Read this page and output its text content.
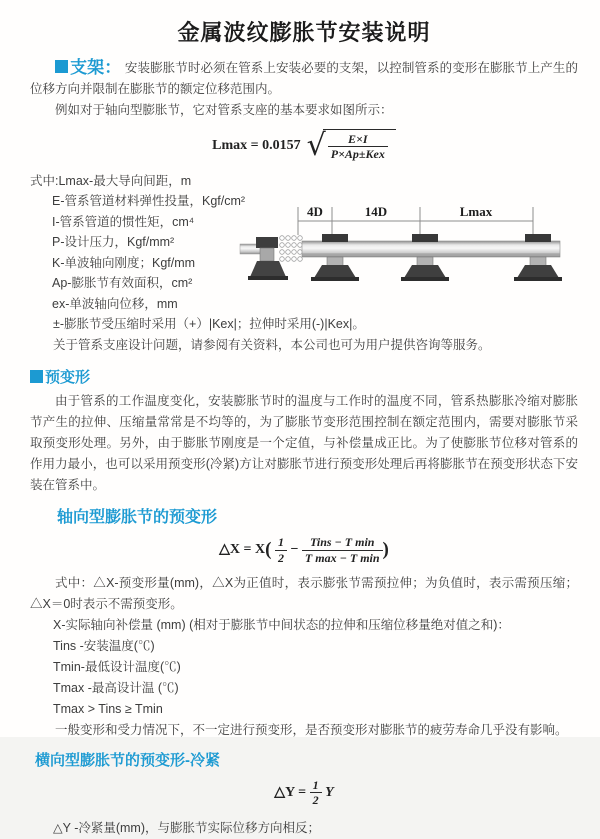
金属波纹膨胀节安装说明

支架： 安装膨胀节时必须在管系上安装必要的支架，以控制管系的变形在膨胀节上产生的位移方向并限制在膨胀节的额定位移范围内。

例如对于轴向型膨胀节，它对管系支座的基本要求如图所示：

Lmax = 0.0157 √ $\frac{E\times I}{\text{P×Ap±Kex}}$
式中:Lmax-最大导向间距，m
E-管系管道材料弹性投量，Kgf/cm²
I-管系管道的惯性矩，cm⁴
P-设计压力，Kgf/mm²
K-单波轴向刚度；Kgf/mm
Ap-膨胀节有效面积，cm²
ex-单波轴向位移，mm
4D	14D	Lmax

±-膨胀节受压缩时采用（+）|Kex|；拉伸时采用(-)|Kex|。

关于管系支座设计问题，请参阅有关资料，本公司也可为用户提供咨询等服务。

预变形

由于管系的工作温度变化，安装膨胀节时的温度与工作时的温度不同，管系热膨胀冷缩对膨胀节产生的拉伸、压缩量常常是不均等的，为了膨胀节变形范围控制在额定范围内，需要对膨胀节采取预变形处理。另外，由于膨胀节刚度是一个定值，与补偿量成正比。为了使膨胀节位移对管系的作用力最小，也可以采用预变形(冷紧)方让对膨胀节进行预变形处理后再将膨胀节在预变形状态下安装在管系中。

轴向型膨胀节的预变形
△X = $X( \frac{1}{2} - \frac{\text{Tins − T min}}{\text{T max − T min}}$ )

式中：△X-预变形量(mm)，△X为正值时，表示膨张节需预拉伸；为负值时，表示需预压缩；△X＝0时表示不需预变形。

X-实际轴向补偿量 (mm) (相对于膨胀节中间状态的拉伸和压缩位移量绝对值之和)：
Tins -安装温度(℃)
Tmin-最低设计温度(℃)
Tmax -最高设计温 (℃)
Tmax > Tins ≥ Tmin

一般变形和受力情况下，不一定进行预变形，是否预变形对膨胀节的疲劳寿命几乎没有影响。

横向型膨胀节的预变形-冷紧
△Y = $\frac{1}{2}$ Y

△Y -冷紧量(mm)，与膨胀节实际位移方向相反；
